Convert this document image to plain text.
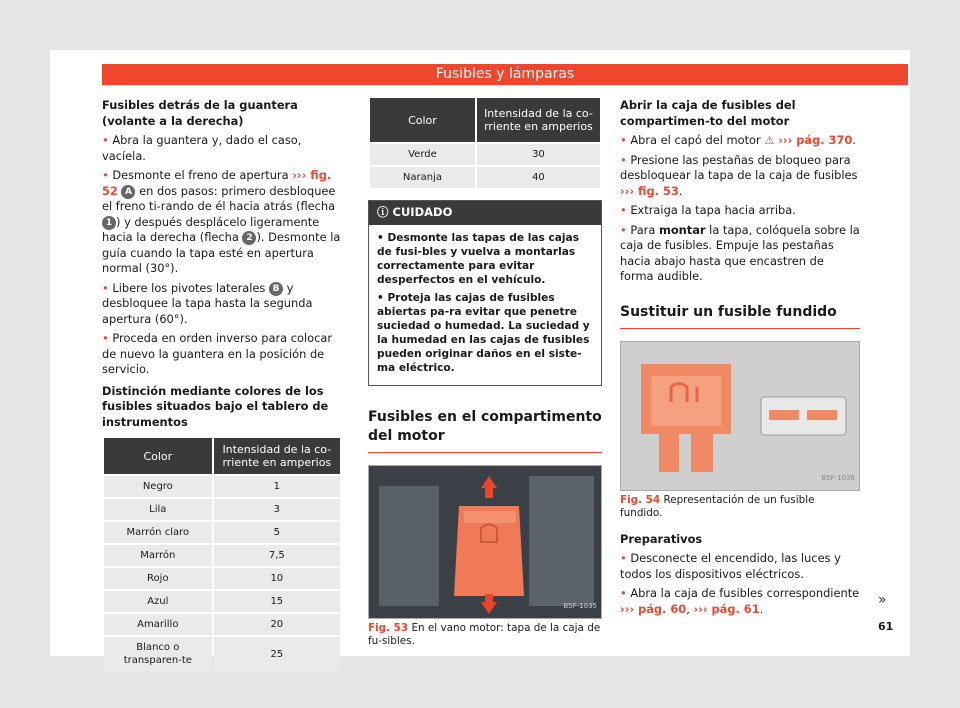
Fusibles y lámparas
Fusibles detrás de la guantera (volante a la derecha)
• Abra la guantera y, dado el caso, vacíela.
• Desmonte el freno de apertura ››› fig. 52 A en dos pasos: primero desbloquee el freno ti-rando de él hacia atrás (flecha 1 ) y después desplácelo ligeramente hacia la derecha (flecha 2 ). Desmonte la guía cuando la tapa esté en apertura normal (30°).
• Libere los pivotes laterales B y desbloquee la tapa hasta la segunda apertura (60°).
• Proceda en orden inverso para colocar de nuevo la guantera en la posición de servicio.
Distinción mediante colores de los fusibles situados bajo el tablero de instrumentos
Color	Intensidad de la co-rriente en amperios
Negro	1
Lila	3
Marrón claro	5
Marrón	7,5
Rojo	10
Azul	15
Amarillo	20
Blanco o transparen-te	25
Color	Intensidad de la co-rriente en amperios
Verde	30
Naranja	40
ⓘ CUIDADO

• Desmonte las tapas de las cajas de fusi-bles y vuelva a montarlas correctamente para evitar desperfectos en el vehículo.

• Proteja las cajas de fusibles abiertas pa-ra evitar que penetre suciedad o humedad. La suciedad y la humedad en las cajas de fusibles pueden originar daños en el siste-ma eléctrico.

Fusibles en el compartimento del motor
B5F-1035
Fig. 53 En el vano motor: tapa de la caja de fu-sibles.
Abrir la caja de fusibles del compartimen-to del motor
• Abra el capó del motor ⚠ ››› pág. 370.
• Presione las pestañas de bloqueo para desbloquear la tapa de la caja de fusibles ››› fig. 53.
• Extraiga la tapa hacia arriba.
• Para montar la tapa, colóquela sobre la caja de fusibles. Empuje las pestañas hacia abajo hasta que encastren de forma audible.
Sustituir un fusible fundido
B5F-1036
Fig. 54 Representación de un fusible fundido.
Preparativos
• Desconecte el encendido, las luces y todos los dispositivos eléctricos.
• Abra la caja de fusibles correspondiente ››› pág. 60, ››› pág. 61.
»
61
